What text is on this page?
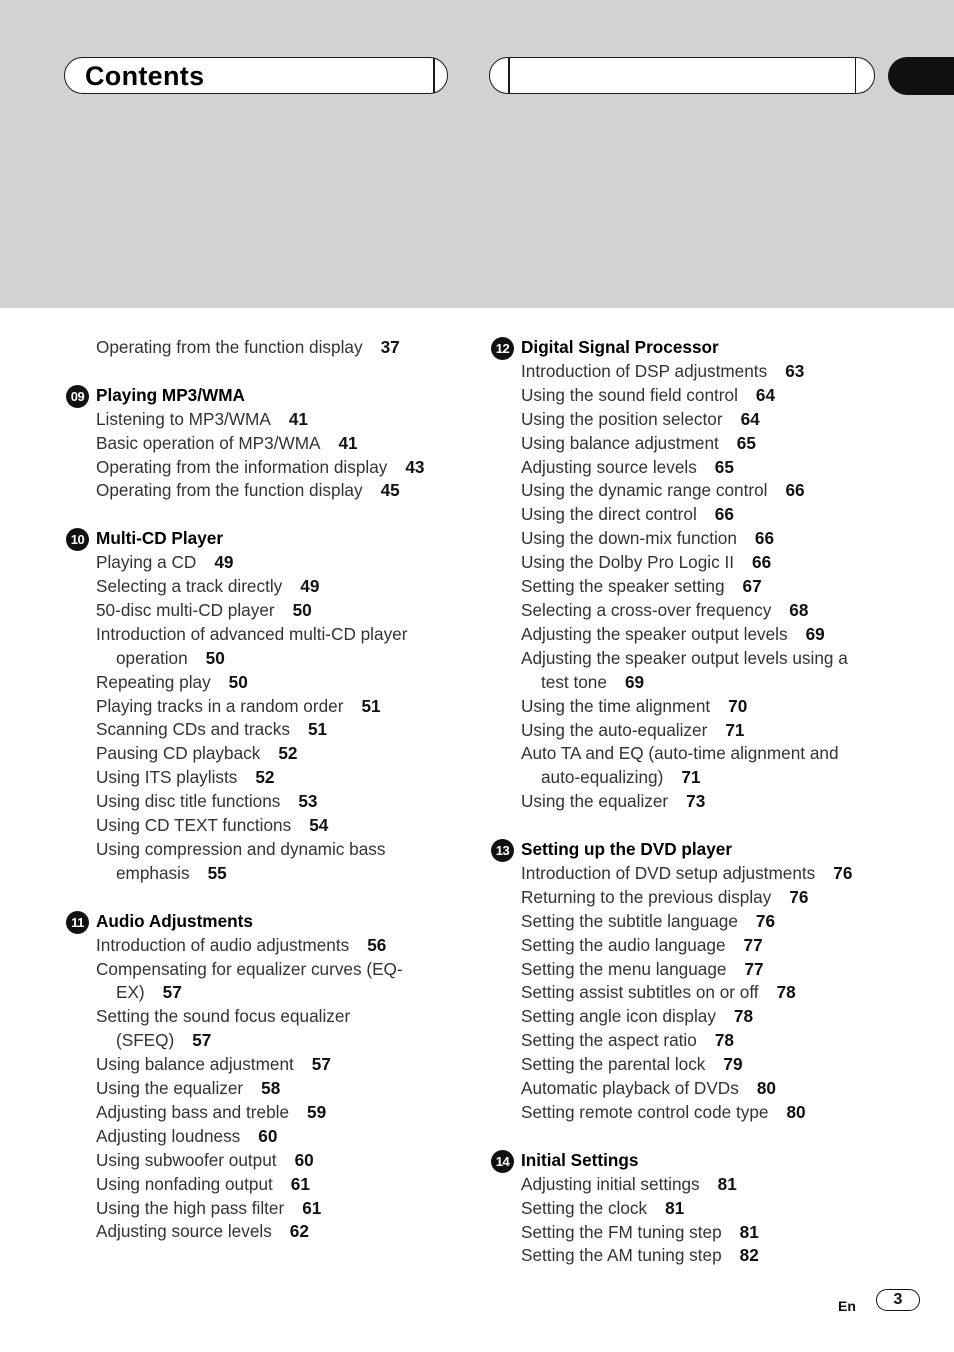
Contents
Operating from the function display 37
09 Playing MP3/WMA
Listening to MP3/WMA 41
Basic operation of MP3/WMA 41
Operating from the information display 43
Operating from the function display 45
10 Multi-CD Player
Playing a CD 49
Selecting a track directly 49
50-disc multi-CD player 50
Introduction of advanced multi-CD player
operation 50
Repeating play 50
Playing tracks in a random order 51
Scanning CDs and tracks 51
Pausing CD playback 52
Using ITS playlists 52
Using disc title functions 53
Using CD TEXT functions 54
Using compression and dynamic bass
emphasis 55
11 Audio Adjustments
Introduction of audio adjustments 56
Compensating for equalizer curves (EQ-
EX) 57
Setting the sound focus equalizer
(SFEQ) 57
Using balance adjustment 57
Using the equalizer 58
Adjusting bass and treble 59
Adjusting loudness 60
Using subwoofer output 60
Using nonfading output 61
Using the high pass filter 61
Adjusting source levels 62
12 Digital Signal Processor
Introduction of DSP adjustments 63
Using the sound field control 64
Using the position selector 64
Using balance adjustment 65
Adjusting source levels 65
Using the dynamic range control 66
Using the direct control 66
Using the down-mix function 66
Using the Dolby Pro Logic II 66
Setting the speaker setting 67
Selecting a cross-over frequency 68
Adjusting the speaker output levels 69
Adjusting the speaker output levels using a
test tone 69
Using the time alignment 70
Using the auto-equalizer 71
Auto TA and EQ (auto-time alignment and
auto-equalizing) 71
Using the equalizer 73
13 Setting up the DVD player
Introduction of DVD setup adjustments 76
Returning to the previous display 76
Setting the subtitle language 76
Setting the audio language 77
Setting the menu language 77
Setting assist subtitles on or off 78
Setting angle icon display 78
Setting the aspect ratio 78
Setting the parental lock 79
Automatic playback of DVDs 80
Setting remote control code type 80
14 Initial Settings
Adjusting initial settings 81
Setting the clock 81
Setting the FM tuning step 81
Setting the AM tuning step 82
En	3
